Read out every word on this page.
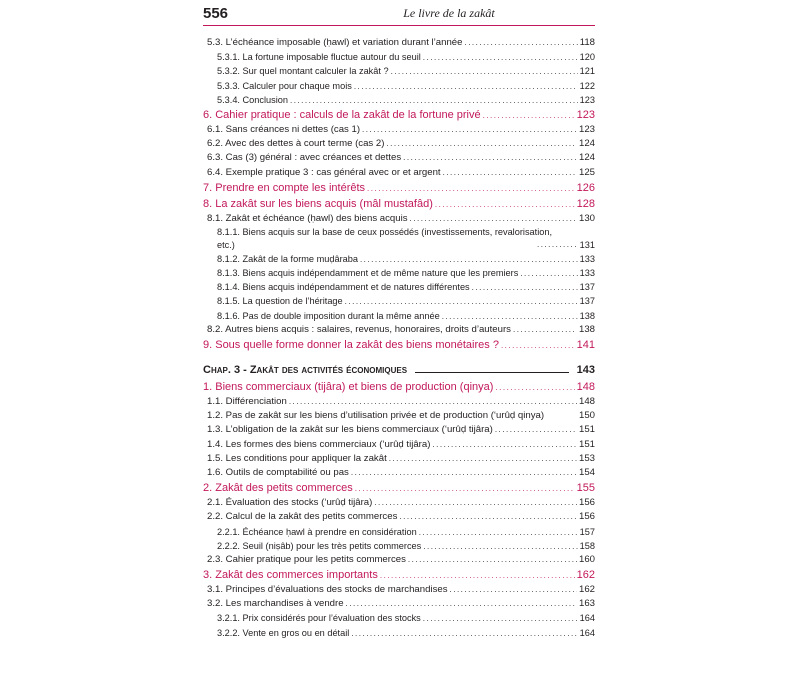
556	Le livre de la zakât
5.3. L’échéance imposable (ḥawl) et variation durant l’année .....	118
5.3.1. La fortune imposable fluctue autour du seuil .....	120
5.3.2. Sur quel montant calculer la zakât ? .....	121
5.3.3. Calculer pour chaque mois .....	122
5.3.4. Conclusion .....	123
6. Cahier pratique : calculs de la zakât de la fortune privé .....	123
6.1. Sans créances ni dettes (cas 1) .....	123
6.2. Avec des dettes à court terme (cas 2) .....	124
6.3. Cas (3) général : avec créances et dettes .....	124
6.4. Exemple pratique 3 : cas général avec or et argent .....	125
7. Prendre en compte les intérêts .....	126
8. La zakât sur les biens acquis (mâl mustafâd) .....	128
8.1. Zakât et échéance (ḥawl) des biens acquis .....	130
8.1.1. Biens acquis sur la base de ceux possédés (investissements, revalorisation, etc.) .....	131
8.1.2. Zakât de la forme muḍâraba .....	133
8.1.3. Biens acquis indépendamment et de même nature que les premiers .....	133
8.1.4. Biens acquis indépendamment et de natures différentes .....	137
8.1.5. La question de l’héritage .....	137
8.1.6. Pas de double imposition durant la même année .....	138
8.2. Autres biens acquis : salaires, revenus, honoraires, droits d’auteurs .....	138
9. Sous quelle forme donner la zakât des biens monétaires ? .....	141
Chap. 3 - Zakât des activités économiques	143
1. Biens commerciaux (tijâra) et biens de production (qinya) .....	148
1.1. Différenciation .....	148
1.2. Pas de zakât sur les biens d’utilisation privée et de production (‘urûḍ qinya)	150
1.3. L’obligation de la zakât sur les biens commerciaux (‘urûḍ tijâra) .....	151
1.4. Les formes des biens commerciaux (‘urûḍ tijâra) .....	151
1.5. Les conditions pour appliquer la zakât .....	153
1.6. Outils de comptabilité ou pas .....	154
2. Zakât des petits commerces .....	155
2.1. Évaluation des stocks (‘urûḍ tijâra) .....	156
2.2. Calcul de la zakât des petits commerces .....	156
2.2.1. Échéance ḥawl à prendre en considération .....	157
2.2.2. Seuil (niṣâb) pour les très petits commerces .....	158
2.3. Cahier pratique pour les petits commerces .....	160
3. Zakât des commerces importants .....	162
3.1. Principes d’évaluations des stocks de marchandises .....	162
3.2. Les marchandises à vendre .....	163
3.2.1. Prix considérés pour l’évaluation des stocks .....	164
3.2.2. Vente en gros ou en détail .....	164
